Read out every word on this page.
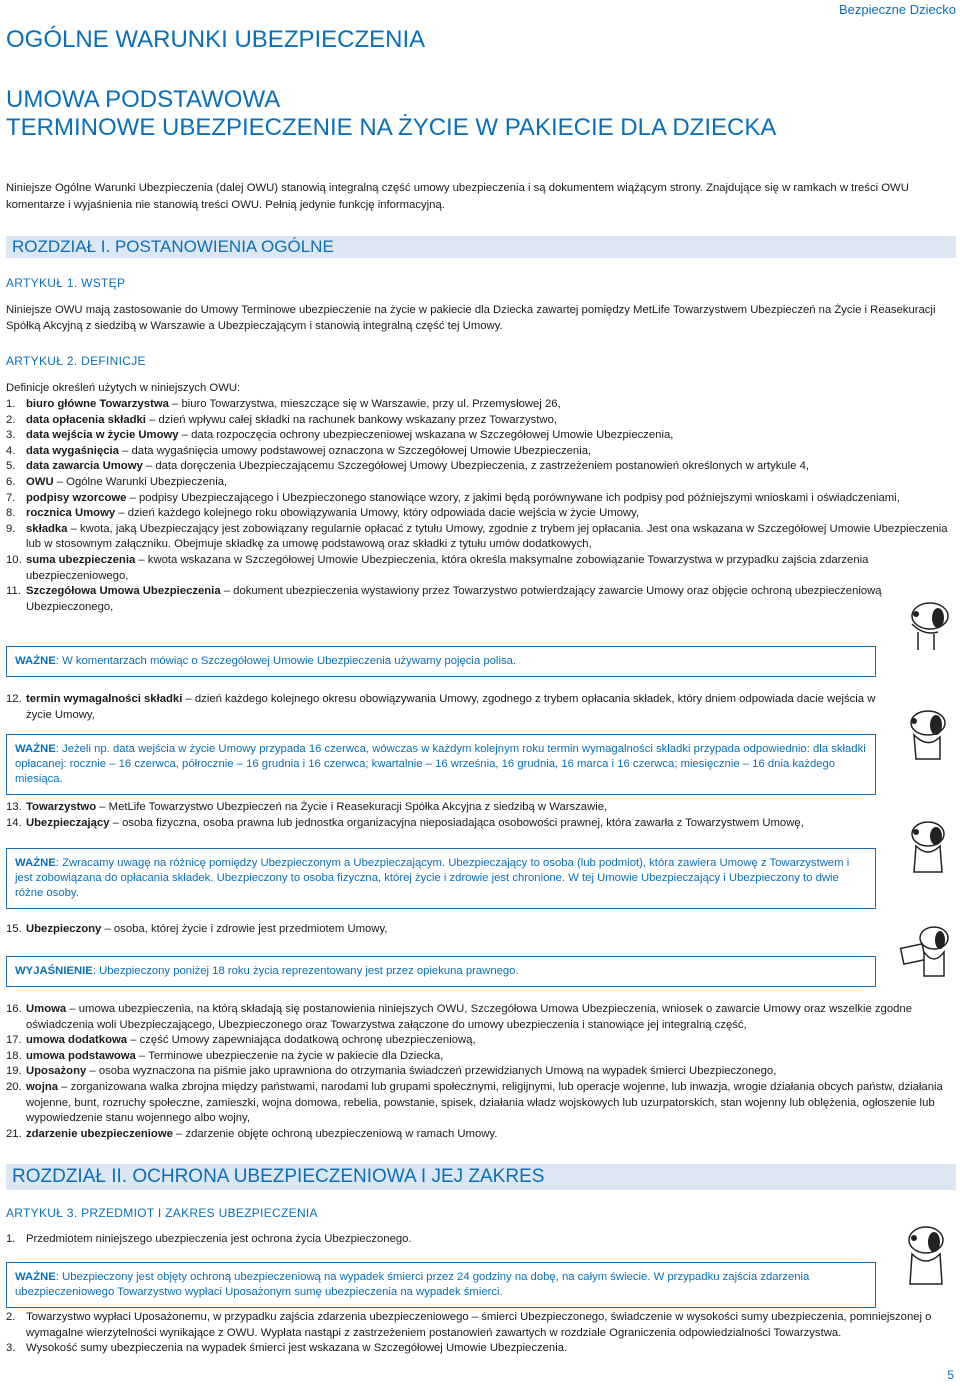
Bezpieczne Dziecko
OGÓLNE WARUNKI UBEZPIECZENIA
UMOWA PODSTAWOWA
TERMINOWE UBEZPIECZENIE NA ŻYCIE W PAKIECIE DLA DZIECKA

Niniejsze Ogólne Warunki Ubezpieczenia (dalej OWU) stanowią integralną część umowy ubezpieczenia i są dokumentem wiążącym strony. Znajdujące się w ramkach w treści OWU komentarze i wyjaśnienia nie stanowią treści OWU. Pełnią jedynie funkcję informacyjną.

ROZDZIAŁ I. POSTANOWIENIA OGÓLNE
ARTYKUŁ 1. WSTĘP

Niniejsze OWU mają zastosowanie do Umowy Terminowe ubezpieczenie na życie w pakiecie dla Dziecka zawartej pomiędzy MetLife Towarzystwem Ubezpieczeń na Życie i Reasekuracji Spółką Akcyjną z siedzibą w Warszawie a Ubezpieczającym i stanowią integralną część tej Umowy.

ARTYKUŁ 2. DEFINICJE

Definicje określeń użytych w niniejszych OWU:

1. biuro główne Towarzystwa – biuro Towarzystwa, mieszczące się w Warszawie, przy ul. Przemysłowej 26,
2. data opłacenia składki – dzień wpływu całej składki na rachunek bankowy wskazany przez Towarzystwo,
3. data wejścia w życie Umowy – data rozpoczęcia ochrony ubezpieczeniowej wskazana w Szczegółowej Umowie Ubezpieczenia,
4. data wygaśnięcia – data wygaśnięcia umowy podstawowej oznaczona w Szczegółowej Umowie Ubezpieczenia,
5. data zawarcia Umowy – data doręczenia Ubezpieczającemu Szczegółowej Umowy Ubezpieczenia, z zastrzeżeniem postanowień określonych w artykule 4,
6. OWU – Ogólne Warunki Ubezpieczenia,
7. podpisy wzorcowe – podpisy Ubezpieczającego i Ubezpieczonego stanowiące wzory, z jakimi będą porównywane ich podpisy pod późniejszymi wnioskami i oświadczeniami,
8. rocznica Umowy – dzień każdego kolejnego roku obowiązywania Umowy, który odpowiada dacie wejścia w życie Umowy,
9. składka – kwota, jaką Ubezpieczający jest zobowiązany regularnie opłacać z tytułu Umowy, zgodnie z trybem jej opłacania. Jest ona wskazana w Szczegółowej Umowie Ubezpieczenia lub w stosownym załączniku. Obejmuje składkę za umowę podstawową oraz składki z tytułu umów dodatkowych,
10. suma ubezpieczenia – kwota wskazana w Szczegółowej Umowie Ubezpieczenia, która określa maksymalne zobowiązanie Towarzystwa w przypadku zajścia zdarzenia ubezpieczeniowego,
11. Szczegółowa Umowa Ubezpieczenia – dokument ubezpieczenia wystawiony przez Towarzystwo potwierdzający zawarcie Umowy oraz objęcie ochroną ubezpieczeniową Ubezpieczonego,
WAŻNE: W komentarzach mówiąc o Szczegółowej Umowie Ubezpieczenia używamy pojęcia polisa.
12. termin wymagalności składki – dzień każdego kolejnego okresu obowiązywania Umowy, zgodnego z trybem opłacania składek, który dniem odpowiada dacie wejścia w życie Umowy,
WAŻNE: Jeżeli np. data wejścia w życie Umowy przypada 16 czerwca, wówczas w każdym kolejnym roku termin wymagalności składki przypada odpowiednio: dla składki opłacanej: rocznie – 16 czerwca, półrocznie – 16 grudnia i 16 czerwca; kwartalnie – 16 września, 16 grudnia, 16 marca i 16 czerwca; miesięcznie – 16 dnia każdego miesiąca.
13. Towarzystwo – MetLife Towarzystwo Ubezpieczeń na Życie i Reasekuracji Spółka Akcyjna z siedzibą w Warszawie,
14. Ubezpieczający – osoba fizyczna, osoba prawna lub jednostka organizacyjna nieposiadająca osobowości prawnej, która zawarła z Towarzystwem Umowę,
WAŻNE: Zwracamy uwagę na różnicę pomiędzy Ubezpieczonym a Ubezpieczającym. Ubezpieczający to osoba (lub podmiot), która zawiera Umowę z Towarzystwem i jest zobowiązana do opłacania składek. Ubezpieczony to osoba fizyczna, której życie i zdrowie jest chronione. W tej Umowie Ubezpieczający i Ubezpieczony to dwie różne osoby.
15. Ubezpieczony – osoba, której życie i zdrowie jest przedmiotem Umowy,
WYJAŚNIENIE: Ubezpieczony poniżej 18 roku życia reprezentowany jest przez opiekuna prawnego.
16. Umowa – umowa ubezpieczenia, na którą składają się postanowienia niniejszych OWU, Szczegółowa Umowa Ubezpieczenia, wniosek o zawarcie Umowy oraz wszelkie zgodne oświadczenia woli Ubezpieczającego, Ubezpieczonego oraz Towarzystwa załączone do umowy ubezpieczenia i stanowiące jej integralną część,
17. umowa dodatkowa – część Umowy zapewniająca dodatkową ochronę ubezpieczeniową,
18. umowa podstawowa – Terminowe ubezpieczenie na życie w pakiecie dla Dziecka,
19. Uposażony – osoba wyznaczona na piśmie jako uprawniona do otrzymania świadczeń przewidzianych Umową na wypadek śmierci Ubezpieczonego,
20. wojna – zorganizowana walka zbrojna między państwami, narodami lub grupami społecznymi, religijnymi, lub operacje wojenne, lub inwazja, wrogie działania obcych państw, działania wojenne, bunt, rozruchy społeczne, zamieszki, wojna domowa, rebelia, powstanie, spisek, działania władz wojskowych lub uzurpatorskich, stan wojenny lub oblężenia, ogłoszenie lub wypowiedzenie stanu wojennego albo wojny,
21. zdarzenie ubezpieczeniowe – zdarzenie objęte ochroną ubezpieczeniową w ramach Umowy.
ROZDZIAŁ II. OCHRONA UBEZPIECZENIOWA I JEJ ZAKRES
ARTYKUŁ 3. PRZEDMIOT I ZAKRES UBEZPIECZENIA
1. Przedmiotem niniejszego ubezpieczenia jest ochrona życia Ubezpieczonego.
WAŻNE: Ubezpieczony jest objęty ochroną ubezpieczeniową na wypadek śmierci przez 24 godziny na dobę, na całym świecie. W przypadku zajścia zdarzenia ubezpieczeniowego Towarzystwo wypłaci Uposażonym sumę ubezpieczenia na wypadek śmierci.
2. Towarzystwo wypłaci Uposażonemu, w przypadku zajścia zdarzenia ubezpieczeniowego – śmierci Ubezpieczonego, świadczenie w wysokości sumy ubezpieczenia, pomniejszonej o wymagalne wierzytelności wynikające z OWU. Wypłata nastąpi z zastrzeżeniem postanowień zawartych w rozdziale Ograniczenia odpowiedzialności Towarzystwa.
3. Wysokość sumy ubezpieczenia na wypadek śmierci jest wskazana w Szczegółowej Umowie Ubezpieczenia.
5
